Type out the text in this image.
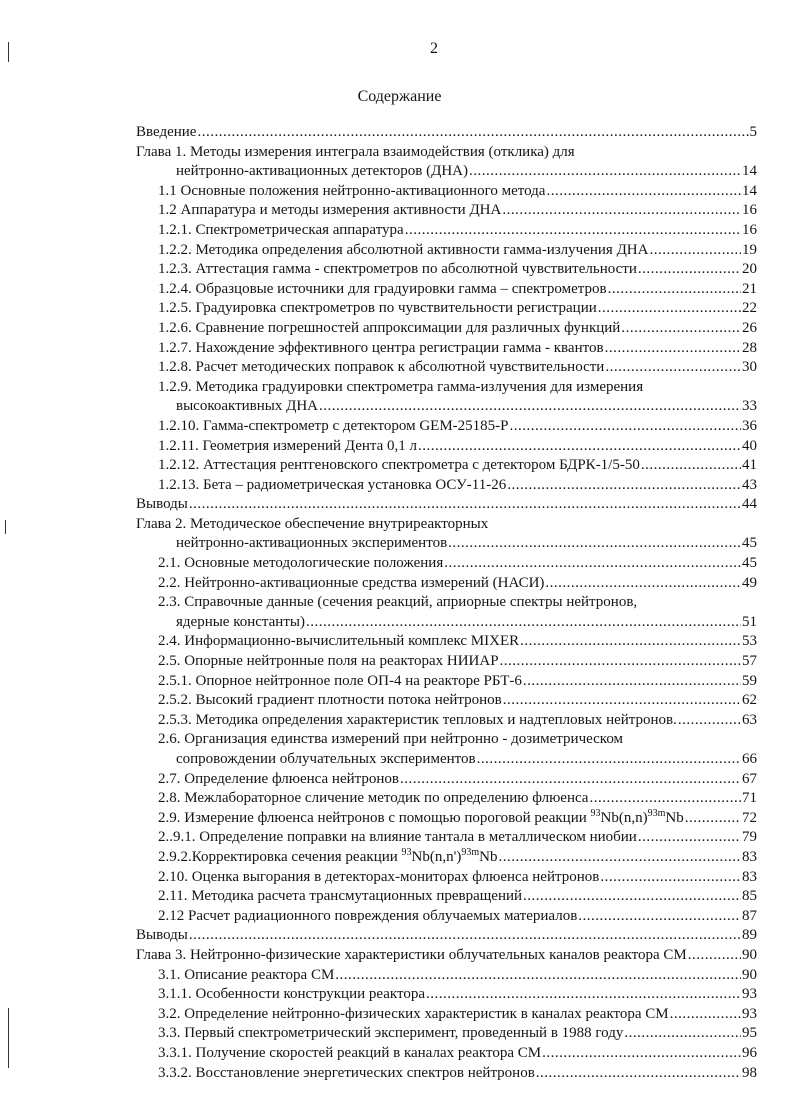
2
Содержание
Введение .....	5
Глава 1. Методы измерения интеграла взаимодействия (отклика) для
нейтронно-активационных детекторов (ДНА) .....	14
1.1 Основные положения нейтронно-активационного метода .....	14
1.2 Аппаратура и методы измерения активности ДНА .....	16
1.2.1. Спектрометрическая аппаратура .....	16
1.2.2. Методика определения абсолютной активности гамма-излучения ДНА .....	19
1.2.3. Аттестация гамма - спектрометров по абсолютной чувствительности .....	20
1.2.4. Образцовые источники для градуировки гамма – спектрометров .....	21
1.2.5. Градуировка спектрометров по чувствительности регистрации .....	22
1.2.6. Сравнение погрешностей аппроксимации для различных функций .....	26
1.2.7. Нахождение эффективного центра регистрации гамма - квантов .....	28
1.2.8. Расчет методических поправок к абсолютной чувствительности .....	30
1.2.9. Методика градуировки спектрометра гамма-излучения для измерения
высокоактивных ДНА .....	33
1.2.10. Гамма-спектрометр с детектором GEM-25185-P .....	36
1.2.11. Геометрия измерений Дента 0,1 л .....	40
1.2.12. Аттестация рентгеновского спектрометра с детектором БДРК-1/5-50 .....	41
1.2.13. Бета – радиометрическая установка ОСУ-11-26 .....	43
Выводы .....	44
Глава 2. Методическое обеспечение внутриреакторных
нейтронно-активационных экспериментов .....	45
2.1. Основные методологические положения .....	45
2.2. Нейтронно-активационные средства измерений (НАСИ) .....	49
2.3. Справочные данные (сечения реакций, априорные спектры нейтронов,
ядерные константы) .....	51
2.4. Информационно-вычислительный комплекс MIXER .....	53
2.5. Опорные нейтронные поля на реакторах НИИАР .....	57
2.5.1. Опорное нейтронное поле ОП-4 на реакторе РБТ-6 .....	59
2.5.2. Высокий градиент плотности потока нейтронов .....	62
2.5.3. Методика определения характеристик тепловых и надтепловых нейтронов. .....	63
2.6. Организация единства измерений при нейтронно - дозиметрическом
сопровождении облучательных экспериментов .....	66
2.7. Определение флюенса нейтронов .....	67
2.8. Межлабораторное сличение методик по определению флюенса .....	71
2.9. Измерение флюенса нейтронов с помощью пороговой реакции $^{93}Nb(n,n)^{93m}Nb$ .....	72
2..9.1. Определение поправки на влияние тантала в металлическом ниобии .....	79
2.9.2.Корректировка сечения реакции $^{93}Nb(n,n')^{93m}Nb$ .....	83
2.10. Оценка выгорания в детекторах-мониторах флюенса нейтронов .....	83
2.11. Методика расчета трансмутационных превращений .....	85
2.12 Расчет радиационного повреждения облучаемых материалов .....	87
Выводы .....	89
Глава 3. Нейтронно-физические характеристики облучательных каналов реактора СМ .....	90
3.1. Описание реактора СМ .....	90
3.1.1. Особенности конструкции реактора .....	93
3.2. Определение нейтронно-физических характеристик в каналах реактора СМ .....	93
3.3. Первый спектрометрический эксперимент, проведенный в 1988 году .....	95
3.3.1. Получение скоростей реакций в каналах реактора СМ .....	96
3.3.2. Восстановление энергетических спектров нейтронов .....	98
